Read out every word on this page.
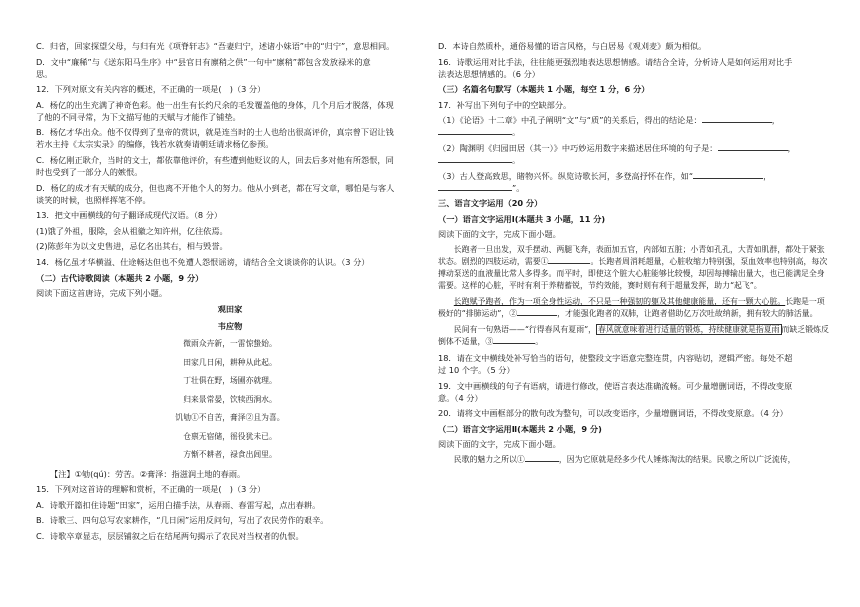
C．归省，回家探望父母，与归有光《项脊轩志》“吾妻归宁，述诸小妹语”中的“归宁”，意思相同。

D．文中“廉稀”与《送东阳马生序》中“县官日有廪稍之供”一句中“廪稍”都包含发放禄米的意

思。

12．下列对原文有关内容的概述，不正确的一项是(　)（3 分）

A．杨亿的出生充满了神奇色彩。他一出生有长约尺余的毛发覆盖他的身体，几个月后才脱落，体现
了他的不同寻常，为下文描写他的天赋与才能作了铺垫。

B．杨亿才华出众。他不仅得到了皇帝的赏识，就是连当时的士人也给出很高评价，真宗曾下诏让钱
若水主持《太宗实录》的编修，钱若水就奏请朝廷请求杨亿参预。

C．杨亿刚正耿介，当时的文士，都依靠他评价，有些遭到他贬议的人，回去后多对他有所怨恨，同
时也受到了一部分人的嫉恨。

D．杨亿的成才有天赋的成分，但也离不开他个人的努力。他从小到老，都在写文章，哪怕是与客人
谈笑的时候，也照样挥笔不停。

13．把文中画横线的句子翻译成现代汉语。（8 分）

(1)饿了外祖，服除，会从祖徽之知许州，亿往依焉。

(2)陈彭年为以文史售进，忌亿名出其右，相与毁誉。

14．杨亿虽才华横溢、仕途畅达但也不免遭人怨恨谣谤，请结合全文谈谈你的认识。（3 分）

（二）古代诗歌阅读（本题共 2 小题，9 分）

阅读下面这首唐诗，完成下列小题。

观田家
韦应物
微雨众卉新，一雷惊蛰始。
田家几日闲，耕种从此起。
丁壮俱在野，场圃亦就理。
归来景常晏，饮犊西涧水。
饥劬①不自苦，膏泽②且为喜。
仓禀无宿储，徭役犹未已。
方惭不耕者，禄食出闾里。

【注】①劬(qú)：劳苦。②膏泽：指滋润土地的春雨。

15．下列对这首诗的理解和赏析，不正确的一项是(　)（3 分）

A．诗歌开篇扣住诗题“田家”，运用白描手法，从春雨、春雷写起，点出春耕。

B．诗歌三、四句总写农家耕作，“几日闲”运用反问句，写出了农民劳作的艰辛。

C．诗歌卒章显志，层层铺叙之后在结尾两句揭示了农民对当权者的仇恨。

D．本诗自然质朴，通俗易懂的语言风格，与白居易《观刈麦》颇为相似。

16．诗歌运用对比手法，往往能更强烈地表达思想情感。请结合全诗，分析诗人是如何运用对比手
法表达思想情感的。（6 分）

（三）名篇名句默写（本题共 1 小题，每空 1 分，6 分）

17．补写出下列句子中的空缺部分。

（1）《论语》十二章》中孔子阐明“文”与“质”的关系后，得出的结论是：	，
。

（2）陶渊明《归园田居（其一）》中巧妙运用数字来描述居住环境的句子是：	，
。

（3）古人登高致思，睹物兴怀。纵览诗歌长河，多登高抒怀在作，如“	，
”。

三、语言文字运用（20 分）

（一）语言文字运用Ⅰ(本题共 3 小题，11 分)

阅读下面的文字，完成下面小题。

长跑者一旦出发，双手摆动、两腿飞奔，表面加五官，内部如五脏；小青如孔孔，大青如肌群，都处于紧张状态。剧烈的四肢运动，需要①	。长跑者周消耗超量，心脏收缩力特别强，泵血效率也特别高，每次搏动泵送的血液量比常人多得多。而平时，即使这个脏大心脏能够比较慢，却因每搏输出量大，也已能满足全身需要。这样的心脏，平时有利于养精蓄锐，节约效能，赛时则有利于超量发挥，助力“起飞”。

长跑赋予跑者，作为一项全身性运动，不只是一种强韧的躯及其他健康能量，还有一颗大心脏。长跑是一项极好的“排肺运动”，②	，才能强化跑者的双肺，让跑者借助亿万次吐故纳新，拥有较大的肺活量。

民间有一句熟语——“行得春风有夏雨”， 春风就意味着进行适量的锻炼，持续健康就是指夏雨 而缺乏锻炼反倒体不适量，③	。

18．请在文中横线处补写恰当的语句，使整段文字语意完整连贯，内容贴切，逻辑严密。每处不超
过 10 个字。（5 分）

19．文中画横线的句子有语病，请进行修改，使语言表达准确流畅。可少量增删词语，不得改变原
意。（4 分）

20．请将文中画框部分的散句改为整句，可以改变语序，少量增删词语，不得改变原意。（4 分）

（二）语言文字运用Ⅱ(本题共 2 小题，9 分)

阅读下面的文字，完成下面小题。

民歌的魅力之所以①	，因为它原就是经多少代人锤炼淘汰的结果。民歌之所以广泛流传，
